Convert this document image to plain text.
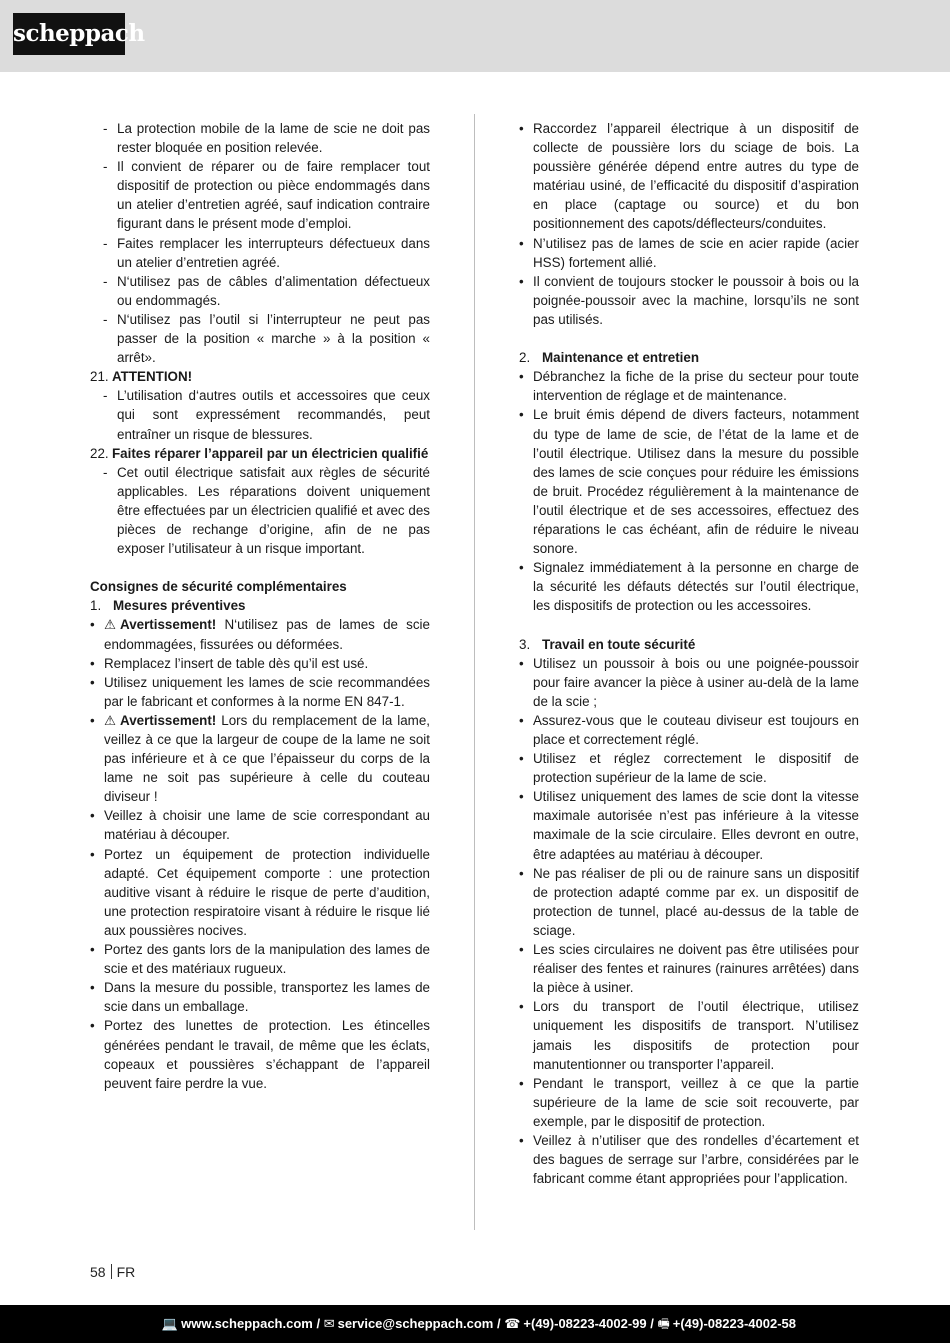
scheppach
- La protection mobile de la lame de scie ne doit pas rester bloquée en position relevée.
- Il convient de réparer ou de faire remplacer tout dispositif de protection ou pièce endommagés dans un atelier d’entretien agréé, sauf indication contraire figurant dans le présent mode d’emploi.
- Faites remplacer les interrupteurs défectueux dans un atelier d’entretien agréé.
- N‘utilisez pas de câbles d’alimentation défectueux ou endommagés.
- N‘utilisez pas l’outil si l’interrupteur ne peut pas passer de la position « marche » à la position « arrêt».
21. ATTENTION!
- L’utilisation d‘autres outils et accessoires que ceux qui sont expressément recommandés, peut entraîner un risque de blessures.
22. Faites réparer l’appareil par un électricien qualifié
- Cet outil électrique satisfait aux règles de sécurité applicables. Les réparations doivent uniquement être effectuées par un électricien qualifié et avec des pièces de rechange d’origine, afin de ne pas exposer l’utilisateur à un risque important.
Consignes de sécurité complémentaires
1. Mesures préventives
• ⚠ Avertissement! N‘utilisez pas de lames de scie endommagées, fissurées ou déformées.
• Remplacez l’insert de table dès qu’il est usé.
• Utilisez uniquement les lames de scie recommandées par le fabricant et conformes à la norme EN 847-1.
• ⚠ Avertissement! Lors du remplacement de la lame, veillez à ce que la largeur de coupe de la lame ne soit pas inférieure et à ce que l’épaisseur du corps de la lame ne soit pas supérieure à celle du couteau diviseur !
• Veillez à choisir une lame de scie correspondant au matériau à découper.
• Portez un équipement de protection individuelle adapté. Cet équipement comporte : une protection auditive visant à réduire le risque de perte d’audition, une protection respiratoire visant à réduire le risque lié aux poussières nocives.
• Portez des gants lors de la manipulation des lames de scie et des matériaux rugueux.
• Dans la mesure du possible, transportez les lames de scie dans un emballage.
• Portez des lunettes de protection. Les étincelles générées pendant le travail, de même que les éclats, copeaux et poussières s’échappant de l’appareil peuvent faire perdre la vue.
• Raccordez l’appareil électrique à un dispositif de collecte de poussière lors du sciage de bois. La poussière générée dépend entre autres du type de matériau usiné, de l’efficacité du dispositif d’aspiration en place (captage ou source) et du bon positionnement des capots/déflecteurs/conduites.
• N’utilisez pas de lames de scie en acier rapide (acier HSS) fortement allié.
• Il convient de toujours stocker le poussoir à bois ou la poignée-poussoir avec la machine, lorsqu’ils ne sont pas utilisés.
2. Maintenance et entretien
• Débranchez la fiche de la prise du secteur pour toute intervention de réglage et de maintenance.
• Le bruit émis dépend de divers facteurs, notamment du type de lame de scie, de l’état de la lame et de l’outil électrique. Utilisez dans la mesure du possible des lames de scie conçues pour réduire les émissions de bruit. Procédez régulièrement à la maintenance de l’outil électrique et de ses accessoires, effectuez des réparations le cas échéant, afin de réduire le niveau sonore.
• Signalez immédiatement à la personne en charge de la sécurité les défauts détectés sur l’outil électrique, les dispositifs de protection ou les accessoires.
3. Travail en toute sécurité
• Utilisez un poussoir à bois ou une poignée-poussoir pour faire avancer la pièce à usiner au-delà de la lame de la scie ;
• Assurez-vous que le couteau diviseur est toujours en place et correctement réglé.
• Utilisez et réglez correctement le dispositif de protection supérieur de la lame de scie.
• Utilisez uniquement des lames de scie dont la vitesse maximale autorisée n’est pas inférieure à la vitesse maximale de la scie circulaire. Elles devront en outre, être adaptées au matériau à découper.
• Ne pas réaliser de pli ou de rainure sans un dispositif de protection adapté comme par ex. un dispositif de protection de tunnel, placé au-dessus de la table de sciage.
• Les scies circulaires ne doivent pas être utilisées pour réaliser des fentes et rainures (rainures arrêtées) dans la pièce à usiner.
• Lors du transport de l’outil électrique, utilisez uniquement les dispositifs de transport. N’utilisez jamais les dispositifs de protection pour manutentionner ou transporter l’appareil.
• Pendant le transport, veillez à ce que la partie supérieure de la lame de scie soit recouverte, par exemple, par le dispositif de protection.
• Veillez à n’utiliser que des rondelles d’écartement et des bagues de serrage sur l’arbre, considérées par le fabricant comme étant appropriées pour l’application.
58 FR
💻 www.scheppach.com / ✉ service@scheppach.com / ☎ +(49)-08223-4002-99 / 🖷 +(49)-08223-4002-58
